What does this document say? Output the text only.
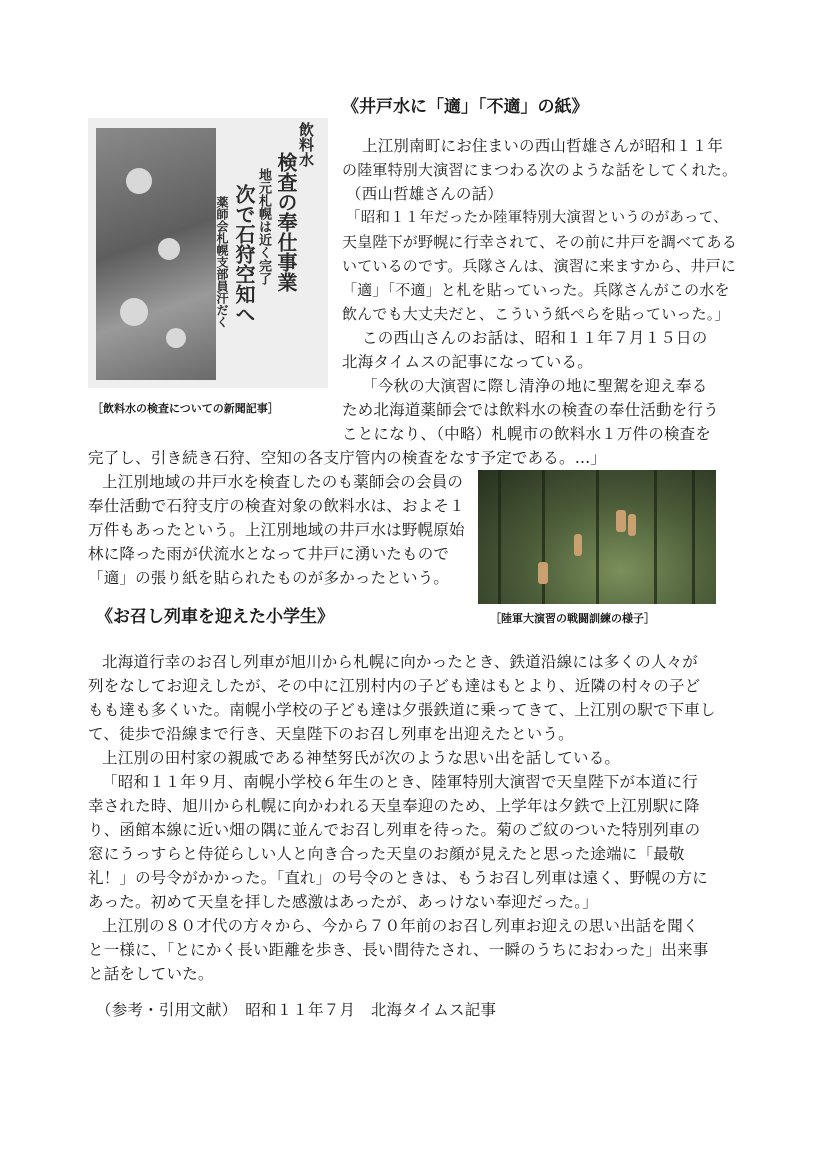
《井戸水に「適」「不適」の紙》
飲料水
検査の奉仕事業
地元札幌は近く完了
次で石狩空知へ
薬師会札幌支部員汗だく
［飲料水の検査についての新聞記事］
上江別南町にお住まいの西山哲雄さんが昭和１１年
の陸軍特別大演習にまつわる次のような話をしてくれた。
（西山哲雄さんの話）
「昭和１１年だったか陸軍特別大演習というのがあって、
天皇陛下が野幌に行幸されて、その前に井戸を調べてある
いているのです。兵隊さんは、演習に来ますから、井戸に
「適」「不適」と札を貼っていった。兵隊さんがこの水を
飲んでも大丈夫だと、こういう紙ぺらを貼っていった。」
この西山さんのお話は、昭和１１年７月１５日の
北海タイムスの記事になっている。
「今秋の大演習に際し清浄の地に聖駕を迎え奉る
ため北海道薬師会では飲料水の検査の奉仕活動を行う
ことになり、（中略）札幌市の飲料水１万件の検査を
完了し、引き続き石狩、空知の各支庁管内の検査をなす予定である。…」
上江別地域の井戸水を検査したのも薬師会の会員の
奉仕活動で石狩支庁の検査対象の飲料水は、およそ１
万件もあったという。上江別地域の井戸水は野幌原始
林に降った雨が伏流水となって井戸に湧いたもので
「適」の張り紙を貼られたものが多かったという。
［陸軍大演習の戦闘訓練の様子］
《お召し列車を迎えた小学生》
北海道行幸のお召し列車が旭川から札幌に向かったとき、鉄道沿線には多くの人々が
列をなしてお迎えしたが、その中に江別村内の子ども達はもとより、近隣の村々の子ど
もも達も多くいた。南幌小学校の子ども達は夕張鉄道に乗ってきて、上江別の駅で下車し
て、徒歩で沿線まで行き、天皇陛下のお召し列車を出迎えたという。
上江別の田村家の親戚である神埜努氏が次のような思い出を話している。
「昭和１１年９月、南幌小学校６年生のとき、陸軍特別大演習で天皇陛下が本道に行
幸された時、旭川から札幌に向かわれる天皇奉迎のため、上学年は夕鉄で上江別駅に降
り、函館本線に近い畑の隅に並んでお召し列車を待った。菊のご紋のついた特別列車の
窓にうっすらと侍従らしい人と向き合った天皇のお顔が見えたと思った途端に「最敬
礼！」の号令がかかった。「直れ」の号令のときは、もうお召し列車は遠く、野幌の方に
あった。初めて天皇を拝した感激はあったが、あっけない奉迎だった。」
上江別の８０才代の方々から、今から７０年前のお召し列車お迎えの思い出話を聞く
と一様に、「とにかく長い距離を歩き、長い間待たされ、一瞬のうちにおわった」出来事
と話をしていた。
（参考・引用文献）　昭和１１年７月　北海タイムス記事
